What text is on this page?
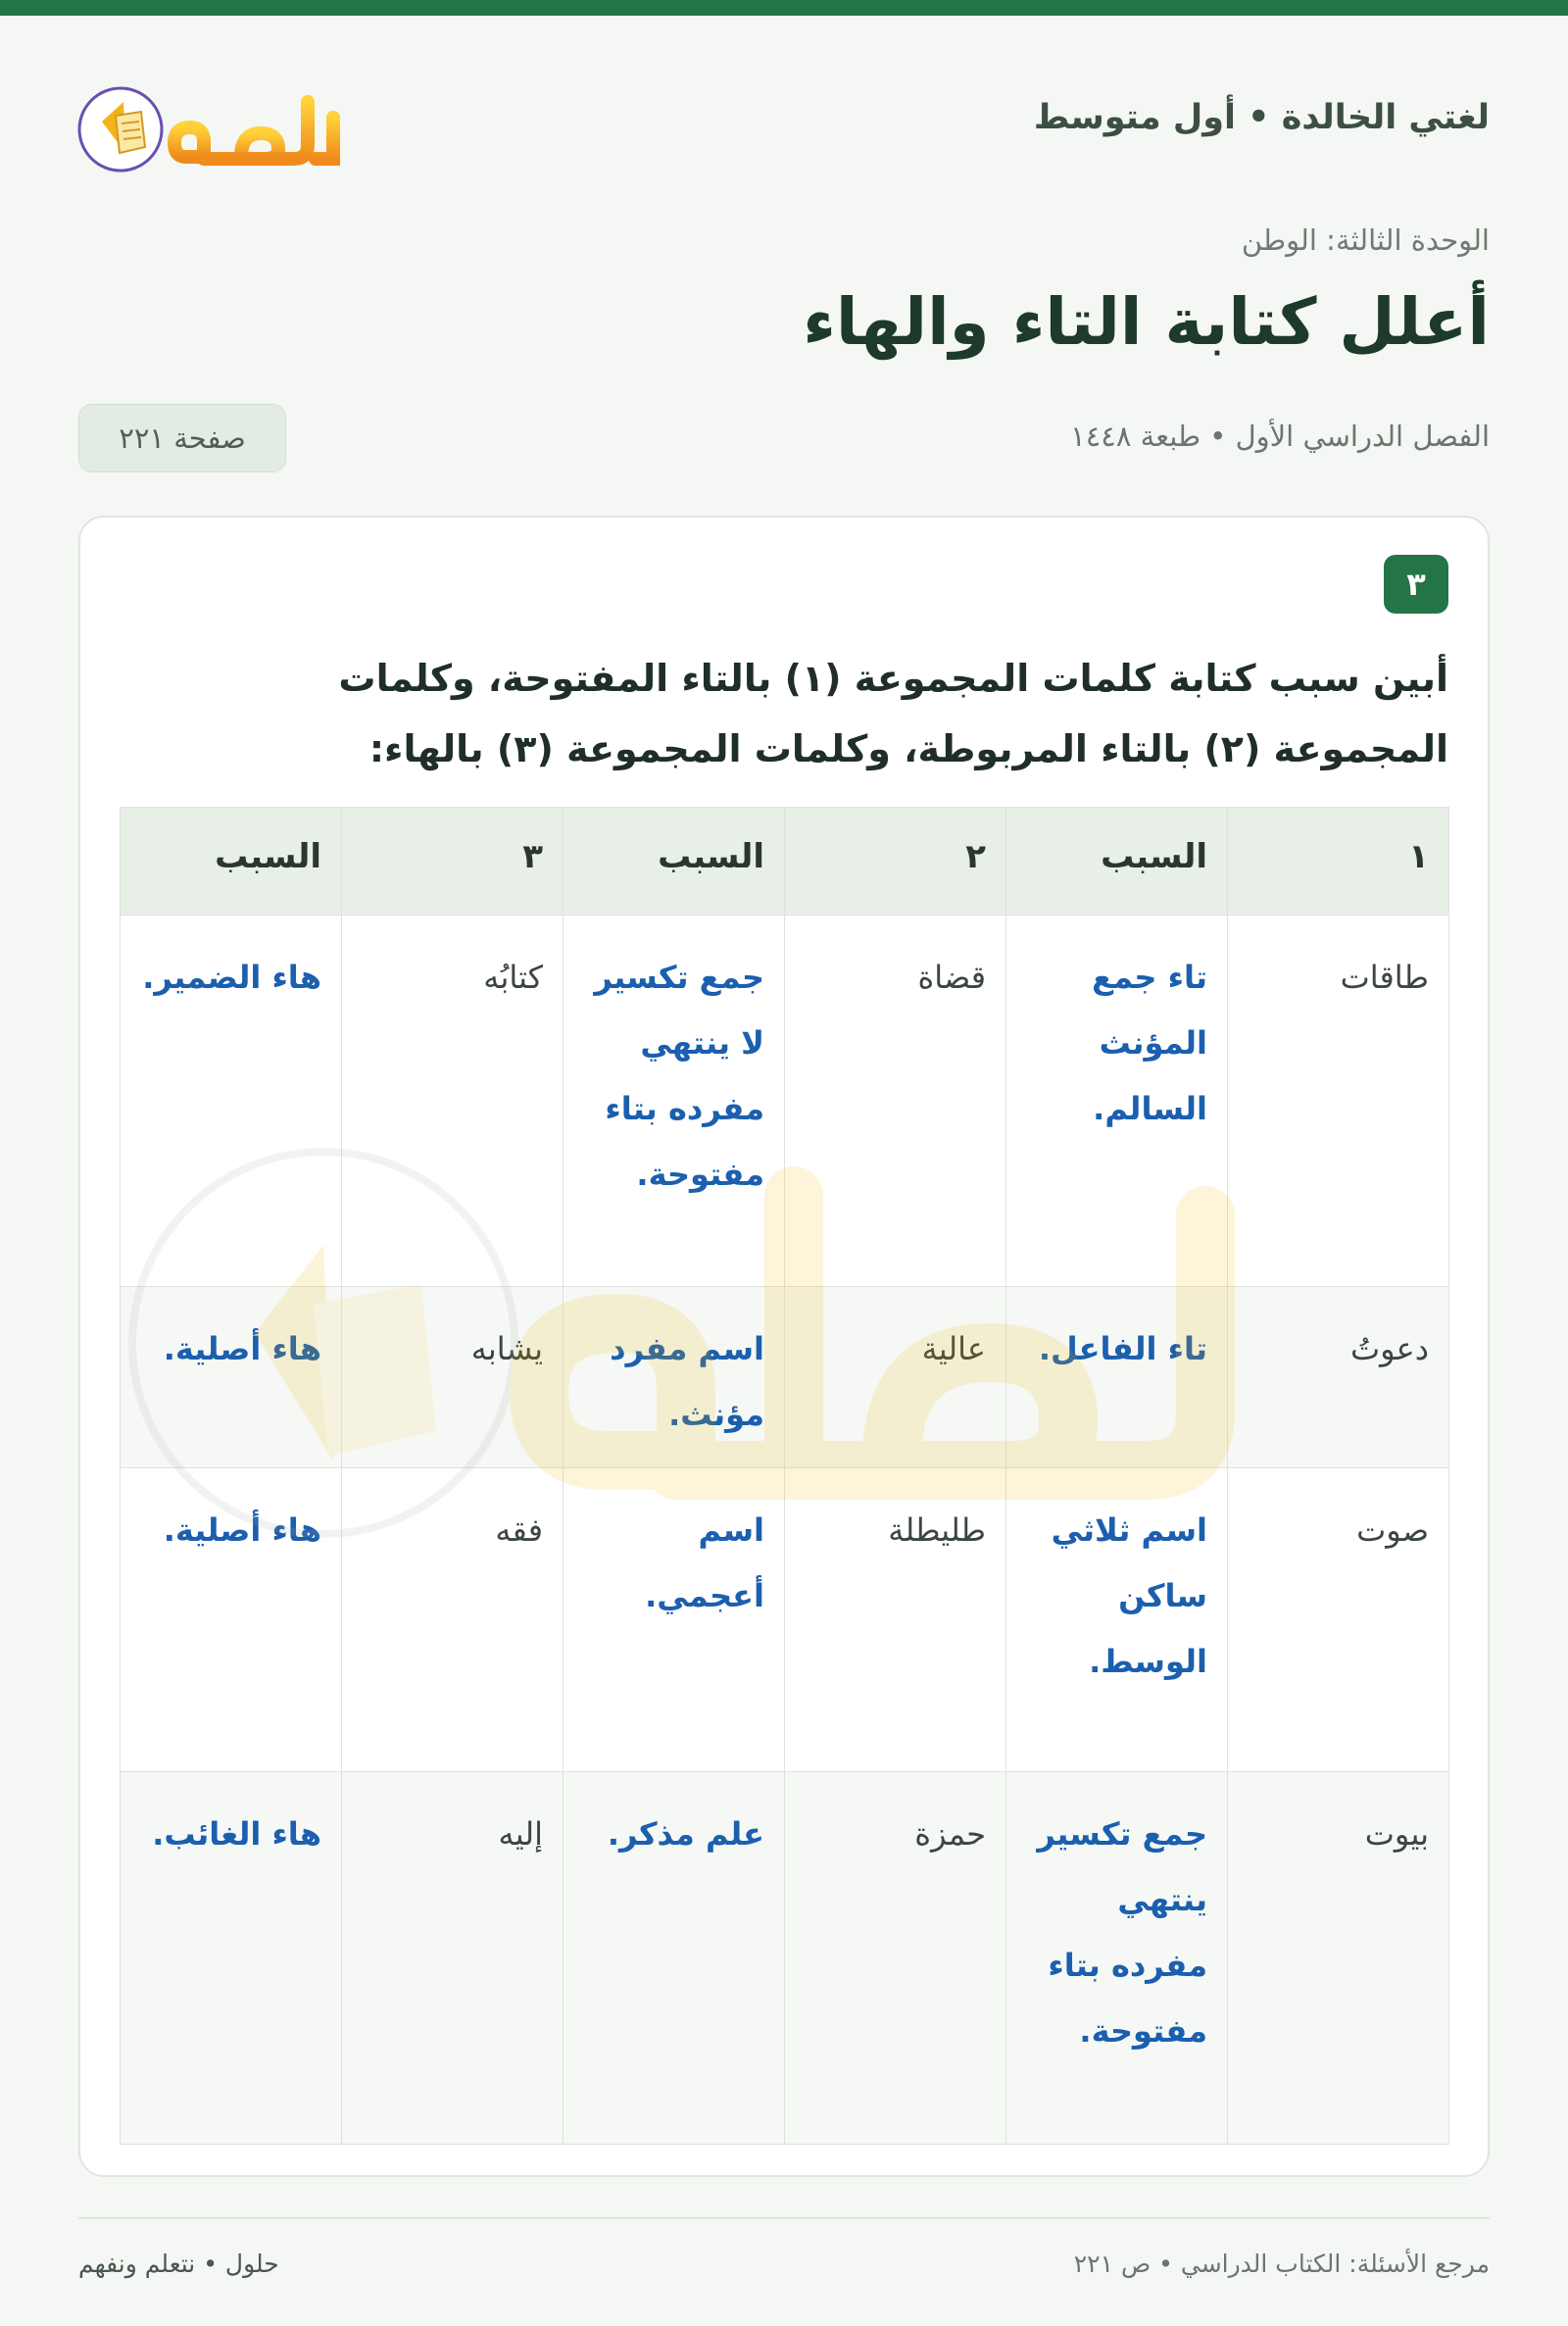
لغتي الخالدة • أول متوسط
الوحدة الثالثة: الوطن
أعلل كتابة التاء والهاء
الفصل الدراسي الأول • طبعة ١٤٤٨
صفحة ٢٢١
٣

أبين سبب كتابة كلمات المجموعة (١) بالتاء المفتوحة، وكلمات المجموعة (٢) بالتاء المربوطة، وكلمات المجموعة (٣) بالهاء:

١	السبب	٢	السبب	٣	السبب
طاقات	تاء جمع المؤنث السالم.	قضاة	جمع تكسير لا ينتهي مفرده بتاء مفتوحة.	كتابُه	هاء الضمير.
دعوتُ	تاء الفاعل.	عالية	اسم مفرد مؤنث.	يشابه	هاء أصلية.
صوت	اسم ثلاثي ساكن الوسط.	طليطلة	اسم أعجمي.	فقه	هاء أصلية.
بيوت	جمع تكسير ينتهي مفرده بتاء مفتوحة.	حمزة	علم مذكر.	إليه	هاء الغائب.
مرجع الأسئلة: الكتاب الدراسي • ص ٢٢١
حلول • نتعلم ونفهم
